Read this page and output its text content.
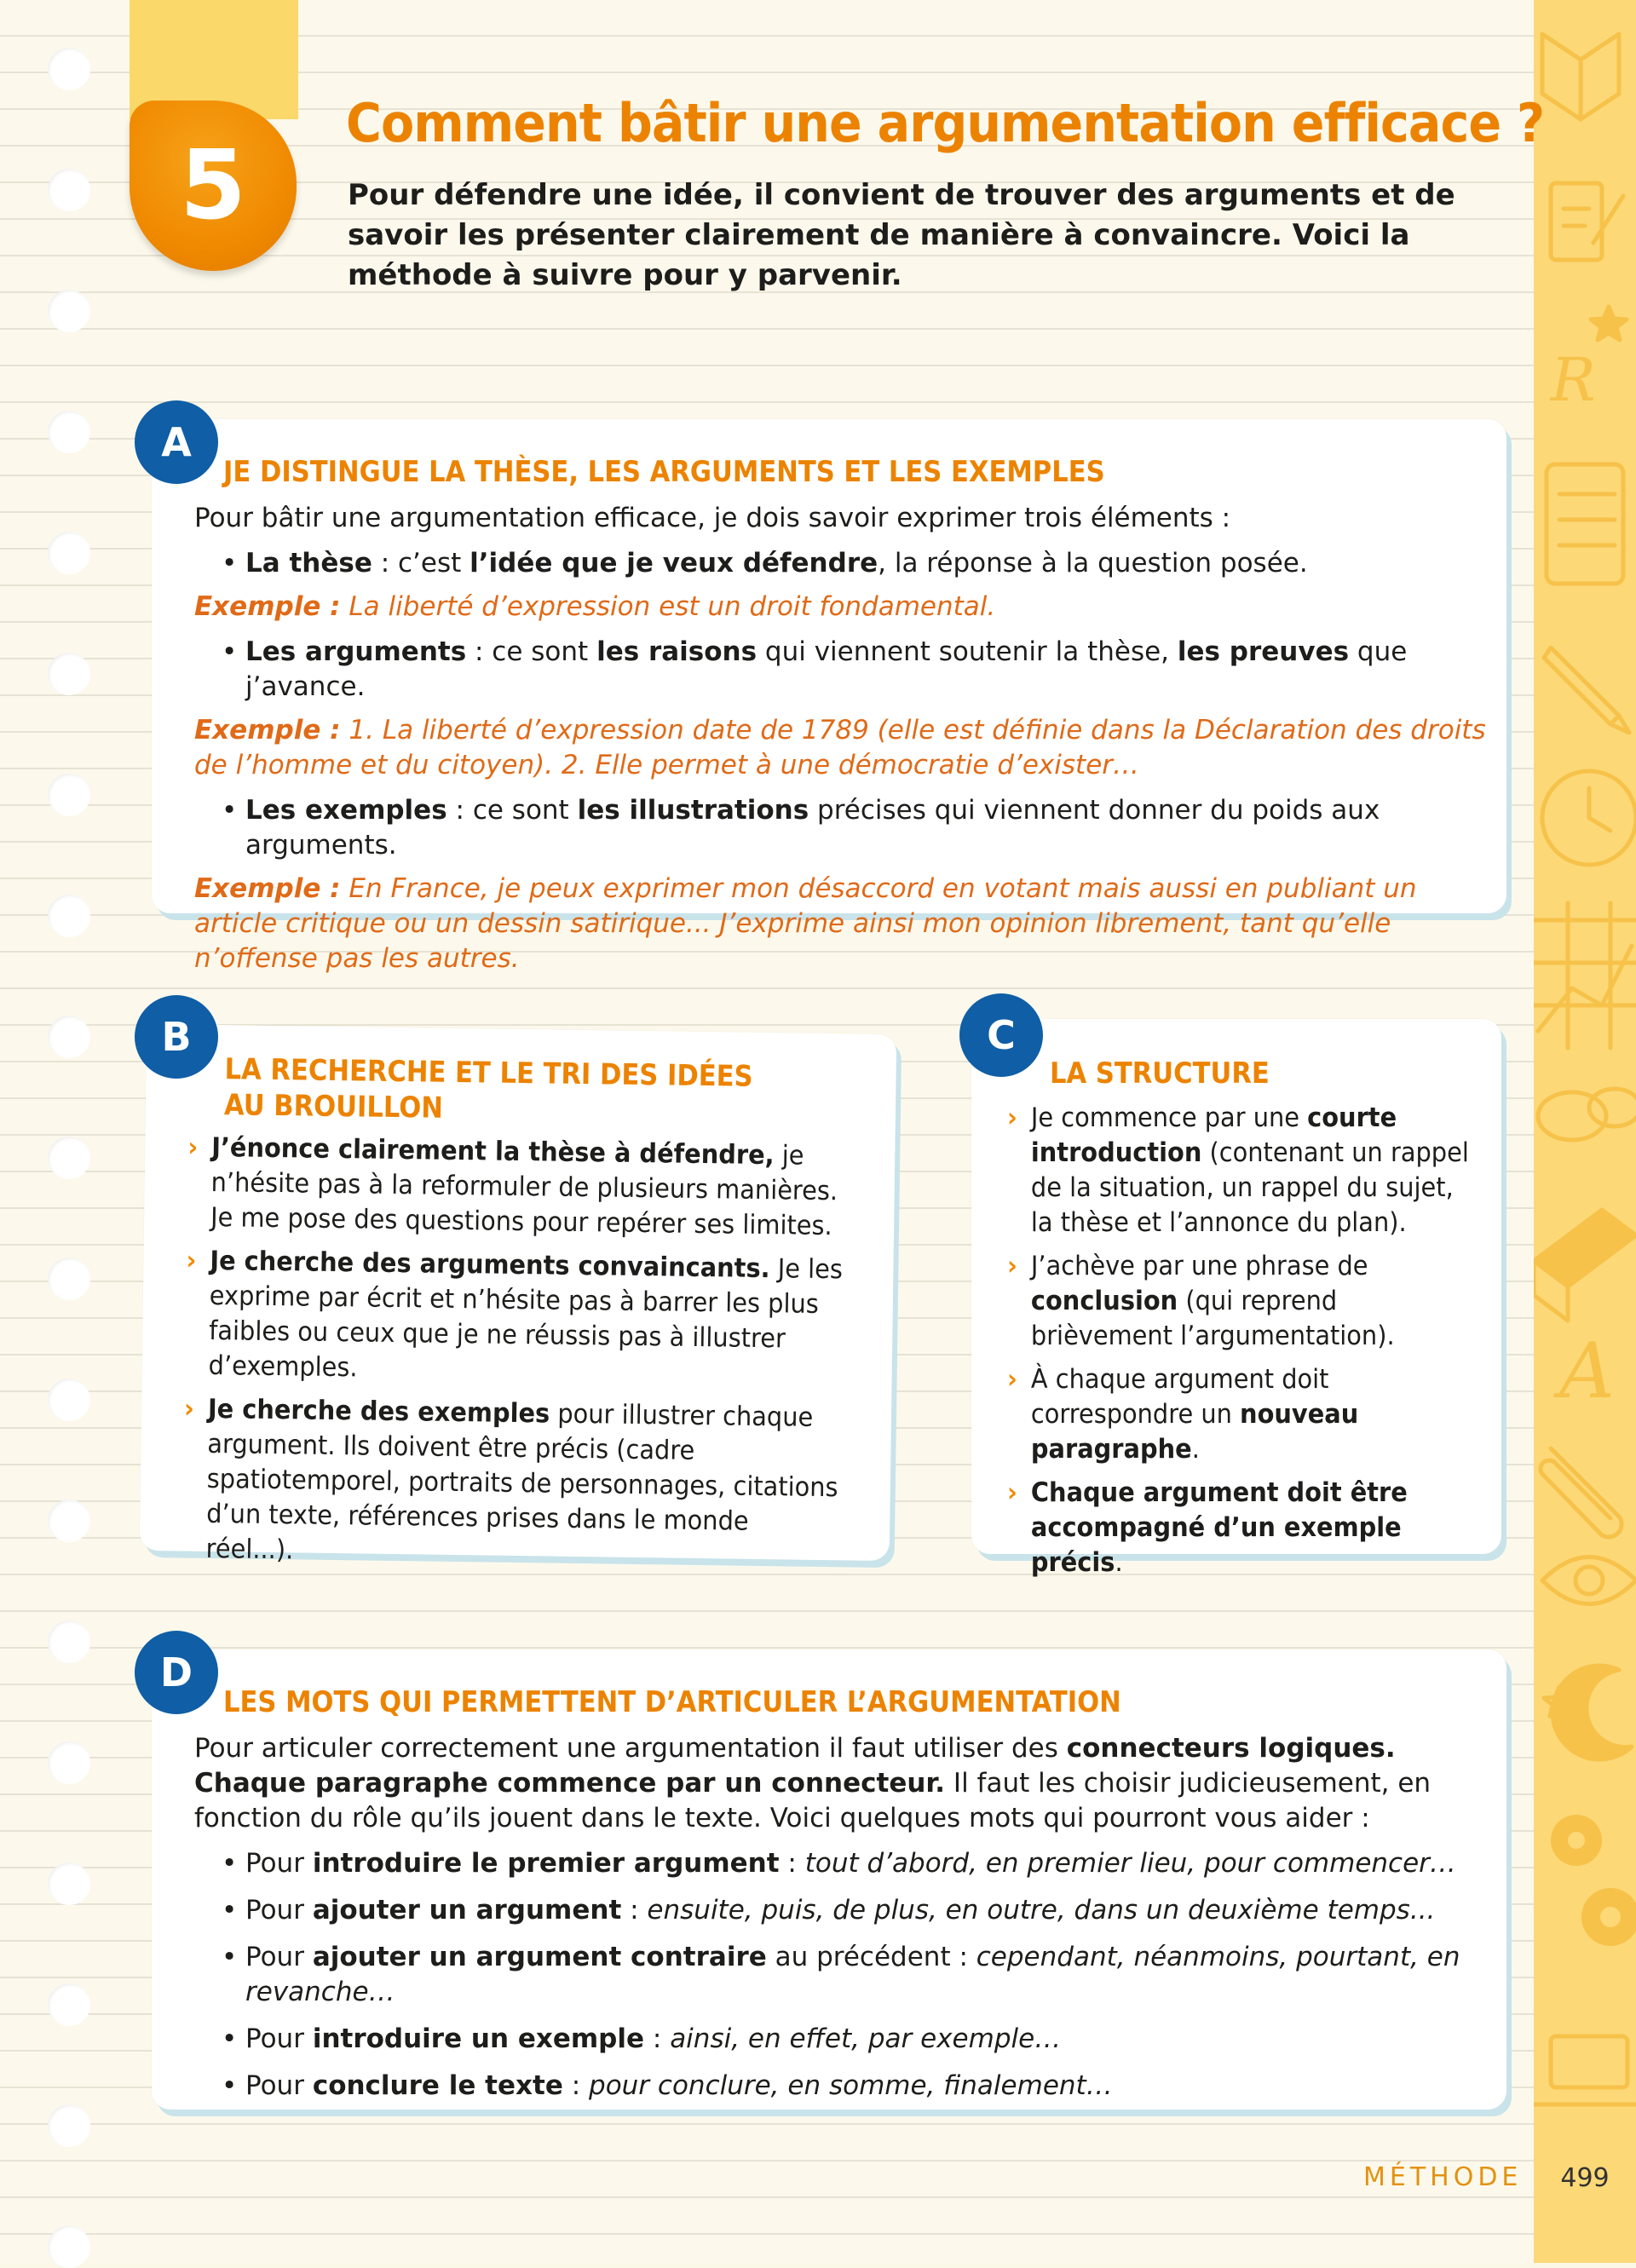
R
A
5
Comment bâtir une argumentation efficace ?
Pour défendre une idée, il convient de trouver des arguments et de savoir les présenter clairement de manière à convaincre. Voici la méthode à suivre pour y parvenir.
JE DISTINGUE LA THÈSE, LES ARGUMENTS ET LES EXEMPLES
Pour bâtir une argumentation efficace, je dois savoir exprimer trois éléments :
• La thèse : c’est l’idée que je veux défendre, la réponse à la question posée.
Exemple : La liberté d’expression est un droit fondamental.
• Les arguments : ce sont les raisons qui viennent soutenir la thèse, les preuves que j’avance.
Exemple : 1. La liberté d’expression date de 1789 (elle est définie dans la Déclaration des droits de l’homme et du citoyen). 2. Elle permet à une démocratie d’exister…
• Les exemples : ce sont les illustrations précises qui viennent donner du poids aux arguments.
Exemple : En France, je peux exprimer mon désaccord en votant mais aussi en publiant un article critique ou un dessin satirique... J’exprime ainsi mon opinion librement, tant qu’elle n’offense pas les autres.
A
LA RECHERCHE ET LE TRI DES IDÉES
AU BROUILLON
› J’énonce clairement la thèse à défendre, je n’hésite pas à la reformuler de plusieurs manières. Je me pose des questions pour repérer ses limites.
› Je cherche des arguments convaincants. Je les exprime par écrit et n’hésite pas à barrer les plus faibles ou ceux que je ne réussis pas à illustrer d’exemples.
› Je cherche des exemples pour illustrer chaque argument. Ils doivent être précis (cadre spatiotemporel, portraits de personnages, citations d’un texte, références prises dans le monde réel...).
B
LA STRUCTURE
› Je commence par une courte introduction (contenant un rappel de la situation, un rappel du sujet, la thèse et l’annonce du plan).
› J’achève par une phrase de conclusion (qui reprend brièvement l’argumentation).
› À chaque argument doit correspondre un nouveau paragraphe.
› Chaque argument doit être accompagné d’un exemple précis.
C
LES MOTS QUI PERMETTENT D’ARTICULER L’ARGUMENTATION
Pour articuler correctement une argumentation il faut utiliser des connecteurs logiques. Chaque paragraphe commence par un connecteur. Il faut les choisir judicieusement, en fonction du rôle qu’ils jouent dans le texte. Voici quelques mots qui pourront vous aider :
• Pour introduire le premier argument : tout d’abord, en premier lieu, pour commencer…
• Pour ajouter un argument : ensuite, puis, de plus, en outre, dans un deuxième temps...
• Pour ajouter un argument contraire au précédent : cependant, néanmoins, pourtant, en revanche…
• Pour introduire un exemple : ainsi, en effet, par exemple…
• Pour conclure le texte : pour conclure, en somme, finalement…
D
MÉTHODE	499
